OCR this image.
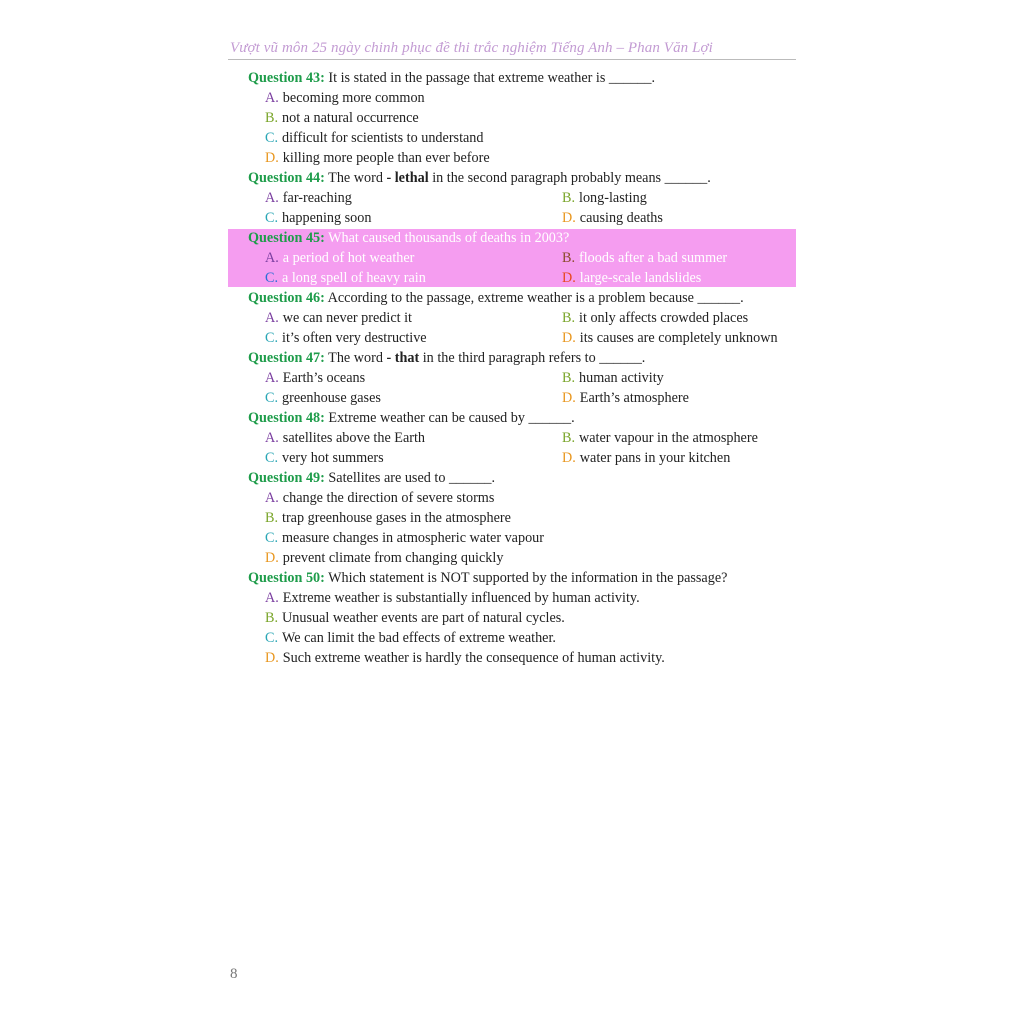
Vượt vũ môn 25 ngày chinh phục đề thi trắc nghiệm Tiếng Anh – Phan Văn Lợi
Question 43: It is stated in the passage that extreme weather is ______.
A. becoming more common
B. not a natural occurrence
C. difficult for scientists to understand
D. killing more people than ever before
Question 44: The word - lethal in the second paragraph probably means ______.
A. far-reaching	B. long-lasting
C. happening soon	D. causing deaths
Question 45: What caused thousands of deaths in 2003?
A. a period of hot weather	B. floods after a bad summer
C. a long spell of heavy rain	D. large-scale landslides
Question 46: According to the passage, extreme weather is a problem because ______.
A. we can never predict it	B. it only affects crowded places
C. it’s often very destructive	D. its causes are completely unknown
Question 47: The word - that in the third paragraph refers to ______.
A. Earth’s oceans	B. human activity
C. greenhouse gases	D. Earth’s atmosphere
Question 48: Extreme weather can be caused by ______.
A. satellites above the Earth	B. water vapour in the atmosphere
C. very hot summers	D. water pans in your kitchen
Question 49: Satellites are used to ______.
A. change the direction of severe storms
B. trap greenhouse gases in the atmosphere
C. measure changes in atmospheric water vapour
D. prevent climate from changing quickly
Question 50: Which statement is NOT supported by the information in the passage?
A. Extreme weather is substantially influenced by human activity.
B. Unusual weather events are part of natural cycles.
C. We can limit the bad effects of extreme weather.
D. Such extreme weather is hardly the consequence of human activity.
8
